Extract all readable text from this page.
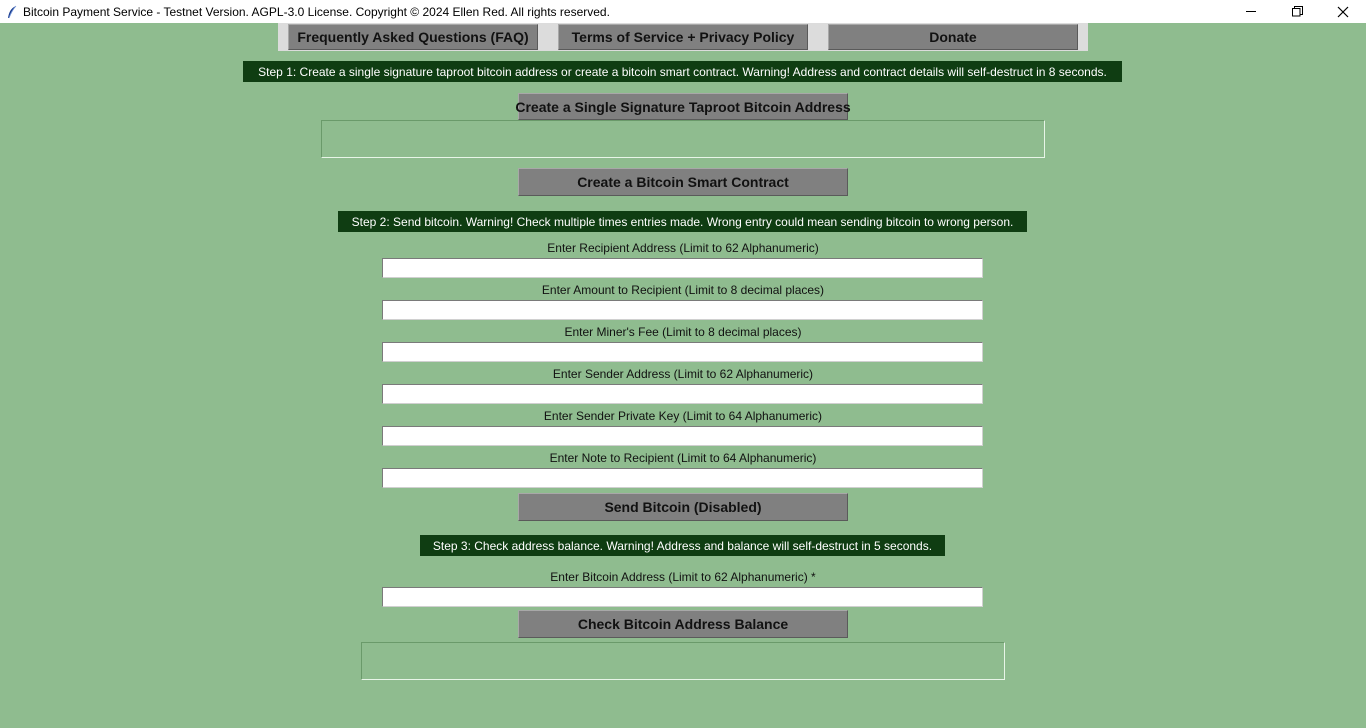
Bitcoin Payment Service - Testnet Version. AGPL-3.0 License. Copyright © 2024 Ellen Red. All rights reserved.
Frequently Asked Questions (FAQ)	Terms of Service + Privacy Policy	Donate
Step 1: Create a single signature taproot bitcoin address or create a bitcoin smart contract. Warning! Address and contract details will self-destruct in 8 seconds.
Create a Single Signature Taproot Bitcoin Address
Create a Bitcoin Smart Contract
Step 2: Send bitcoin. Warning! Check multiple times entries made. Wrong entry could mean sending bitcoin to wrong person.
Enter Recipient Address (Limit to 62 Alphanumeric)
Enter Amount to Recipient (Limit to 8 decimal places)
Enter Miner's Fee (Limit to 8 decimal places)
Enter Sender Address (Limit to 62 Alphanumeric)
Enter Sender Private Key (Limit to 64 Alphanumeric)
Enter Note to Recipient (Limit to 64 Alphanumeric)
Send Bitcoin (Disabled)
Step 3: Check address balance. Warning! Address and balance will self-destruct in 5 seconds.
Enter Bitcoin Address (Limit to 62 Alphanumeric) *
Check Bitcoin Address Balance
